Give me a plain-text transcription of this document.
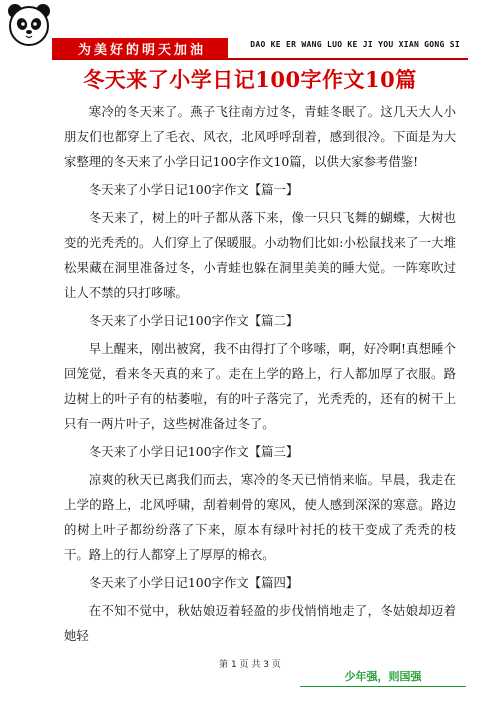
为美好的明天加油	DAO KE ER WANG LUO KE JI YOU XIAN GONG SI
冬天来了小学日记100字作文10篇

寒冷的冬天来了。燕子飞往南方过冬，青蛙冬眠了。这几天大人小朋友们也都穿上了毛衣、风衣，北风呼呼刮着，感到很冷。下面是为大家整理的冬天来了小学日记100字作文10篇，以供大家参考借鉴!

冬天来了小学日记100字作文【篇一】

冬天来了，树上的叶子都从落下来，像一只只飞舞的蝴蝶，大树也变的光秃秃的。人们穿上了保暖服。小动物们比如:小松鼠找来了一大堆松果藏在洞里准备过冬，小青蛙也躲在洞里美美的睡大觉。一阵寒吹过让人不禁的只打哆嗦。

冬天来了小学日记100字作文【篇二】

早上醒来，刚出被窝，我不由得打了个哆嗦，啊，好冷啊!真想睡个回笼觉，看来冬天真的来了。走在上学的路上，行人都加厚了衣服。路边树上的叶子有的枯萎啦，有的叶子落完了，光秃秃的，还有的树干上只有一两片叶子，这些树准备过冬了。

冬天来了小学日记100字作文【篇三】

凉爽的秋天已离我们而去，寒冷的冬天已悄悄来临。早晨，我走在上学的路上，北风呼啸，刮着刺骨的寒风，使人感到深深的寒意。路边的树上叶子都纷纷落了下来，原本有绿叶衬托的枝干变成了秃秃的枝干。路上的行人都穿上了厚厚的棉衣。

冬天来了小学日记100字作文【篇四】

在不知不觉中，秋姑娘迈着轻盈的步伐悄悄地走了，冬姑娘却迈着她轻

第 1 页 共 3 页
少年强，则国强
